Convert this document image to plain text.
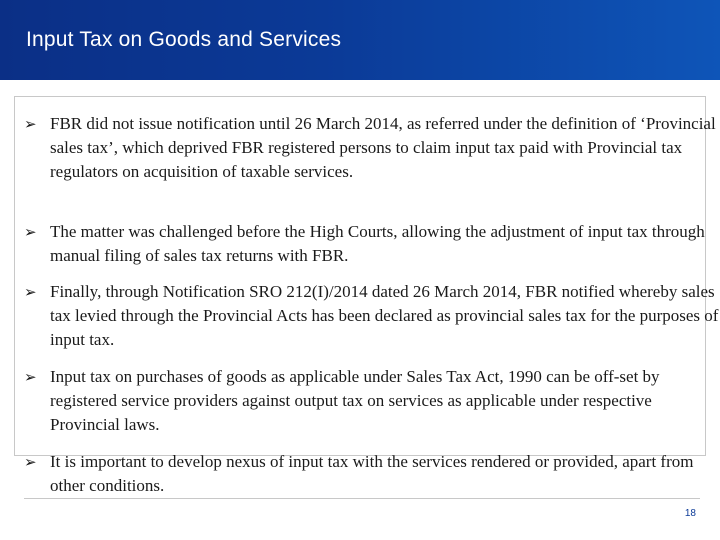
Input Tax on Goods and Services
➢ FBR did not issue notification until 26 March 2014, as referred under the definition of ‘Provincial sales tax’, which deprived FBR registered persons to claim input tax paid with Provincial tax regulators on acquisition of taxable services.
➢ The matter was challenged before the High Courts, allowing the adjustment of input tax through manual filing of sales tax returns with FBR.
➢ Finally, through Notification SRO 212(I)/2014 dated 26 March 2014, FBR notified whereby sales tax levied through the Provincial Acts has been declared as provincial sales tax for the purposes of input tax.
➢ Input tax on purchases of goods as applicable under Sales Tax Act, 1990 can be off-set by registered service providers against output tax on services as applicable under respective Provincial laws.
➢ It is important to develop nexus of input tax with the services rendered or provided, apart from other conditions.
18
